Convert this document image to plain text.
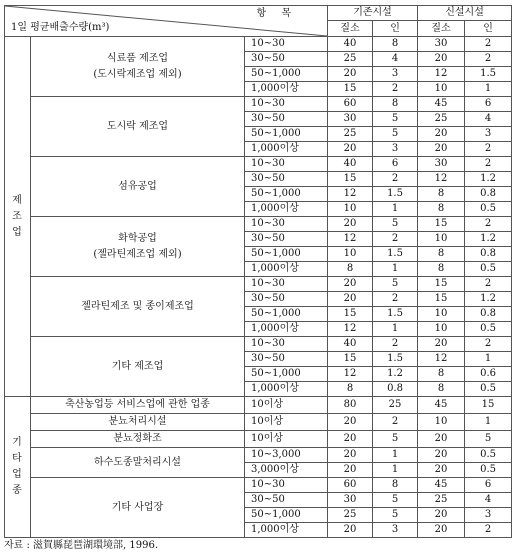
항 목
1일 평균배출수량(m³)			기존시설		신설시설	
			질소	인	질소	인
제
조
업	식료품 제조업
(도시락제조업 제외)	10~30	40	8	30	2
		30~50	25	4	20	2
		50~1,000	20	3	12	1.5
		1,000이상	15	2	10	1
	도시락 제조업	10~30	60	8	45	6
		30~50	30	5	25	4
		50~1,000	25	5	20	3
		1,000이상	20	3	20	2
	섬유공업	10~30	40	6	30	2
		30~50	15	2	12	1.2
		50~1,000	12	1.5	8	0.8
		1,000이상	10	1	8	0.5
	화학공업
(젤라틴제조업 제외)	10~30	20	5	15	2
		30~50	12	2	10	1.2
		50~1,000	10	1.5	8	0.8
		1,000이상	8	1	8	0.5
	젤라틴제조 및 종이제조업	10~30	20	5	15	2
		30~50	20	2	15	1.2
		50~1,000	15	1.5	10	0.8
		1,000이상	12	1	10	0.5
	기타 제조업	10~30	40	2	20	2
		30~50	15	1.5	12	1
		50~1,000	12	1.2	8	0.6
		1,000이상	8	0.8	8	0.5
기
타
업
종	축산농업등 서비스업에 관한 업종	10이상	80	25	45	15
	분뇨처리시설	10이상	20	2	10	1
	분뇨정화조	10이상	20	5	20	5
	하수도종말처리시설	10~3,000	20	1	20	0.5
		3,000이상	20	1	20	0.5
	기타 사업장	10~30	60	8	45	6
		30~50	30	5	25	4
		50~1,000	25	5	20	3
		1,000이상	20	3	20	2
자료 : 滋賀縣琵琶湖環境部, 1996.
